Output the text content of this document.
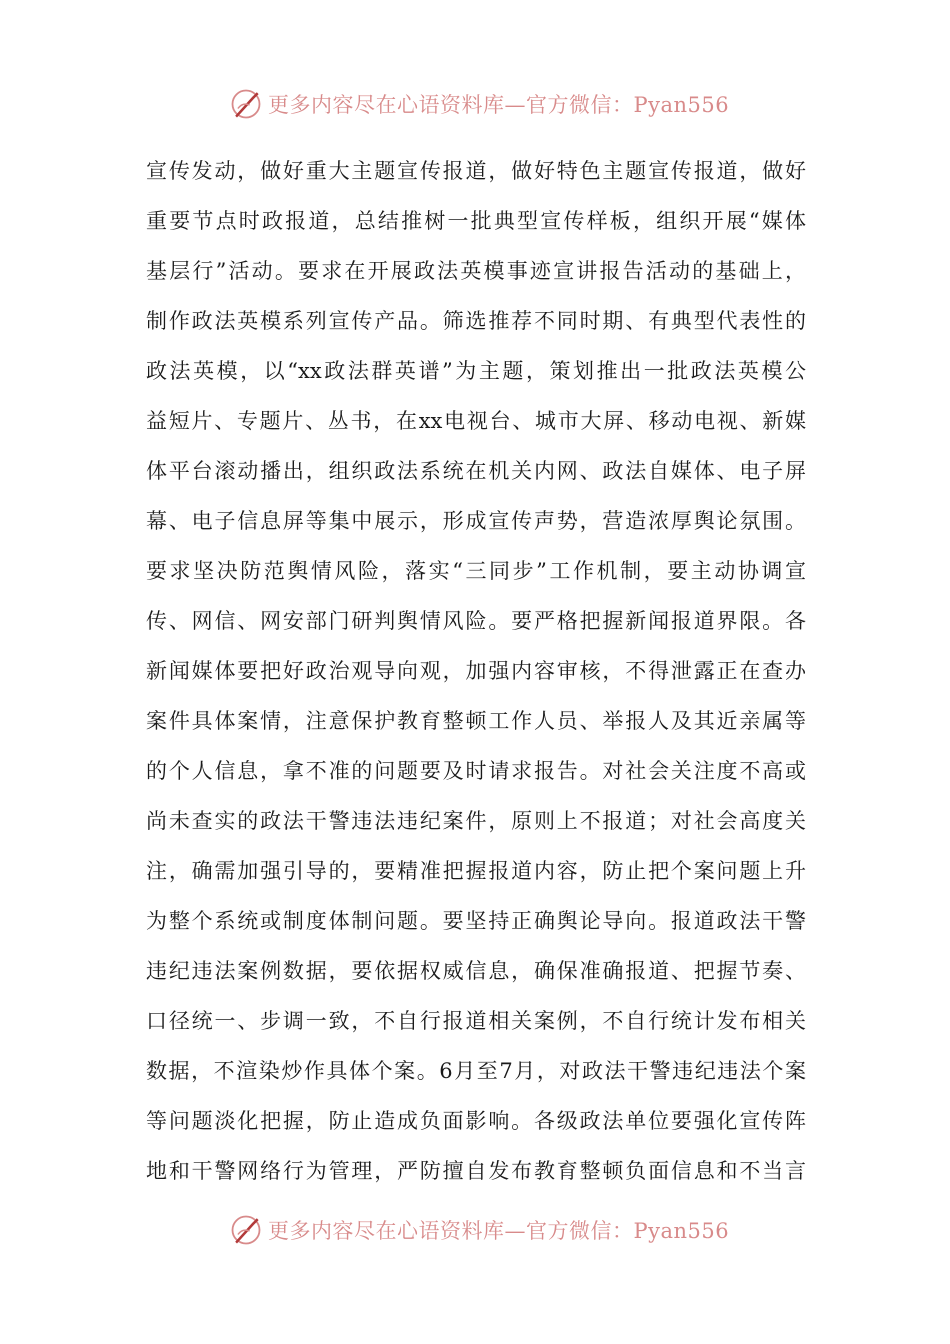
更多内容尽在心语资料库—官方微信：Pyan556
宣传发动，做好重大主题宣传报道，做好特色主题宣传报道，做好
重要节点时政报道，总结推树一批典型宣传样板，组织开展“媒体
基层行”活动。要求在开展政法英模事迹宣讲报告活动的基础上，
制作政法英模系列宣传产品。筛选推荐不同时期、有典型代表性的
政法英模，以“xx政法群英谱”为主题，策划推出一批政法英模公
益短片、专题片、丛书，在xx电视台、城市大屏、移动电视、新媒
体平台滚动播出，组织政法系统在机关内网、政法自媒体、电子屏
幕、电子信息屏等集中展示，形成宣传声势，营造浓厚舆论氛围。
要求坚决防范舆情风险，落实“三同步”工作机制，要主动协调宣
传、网信、网安部门研判舆情风险。要严格把握新闻报道界限。各
新闻媒体要把好政治观导向观，加强内容审核，不得泄露正在查办
案件具体案情，注意保护教育整顿工作人员、举报人及其近亲属等
的个人信息，拿不准的问题要及时请求报告。对社会关注度不高或
尚未查实的政法干警违法违纪案件，原则上不报道；对社会高度关
注，确需加强引导的，要精准把握报道内容，防止把个案问题上升
为整个系统或制度体制问题。要坚持正确舆论导向。报道政法干警
违纪违法案例数据，要依据权威信息，确保准确报道、把握节奏、
口径统一、步调一致，不自行报道相关案例，不自行统计发布相关
数据，不渲染炒作具体个案。6月至7月，对政法干警违纪违法个案
等问题淡化把握，防止造成负面影响。各级政法单位要强化宣传阵
地和干警网络行为管理，严防擅自发布教育整顿负面信息和不当言
更多内容尽在心语资料库—官方微信：Pyan556
